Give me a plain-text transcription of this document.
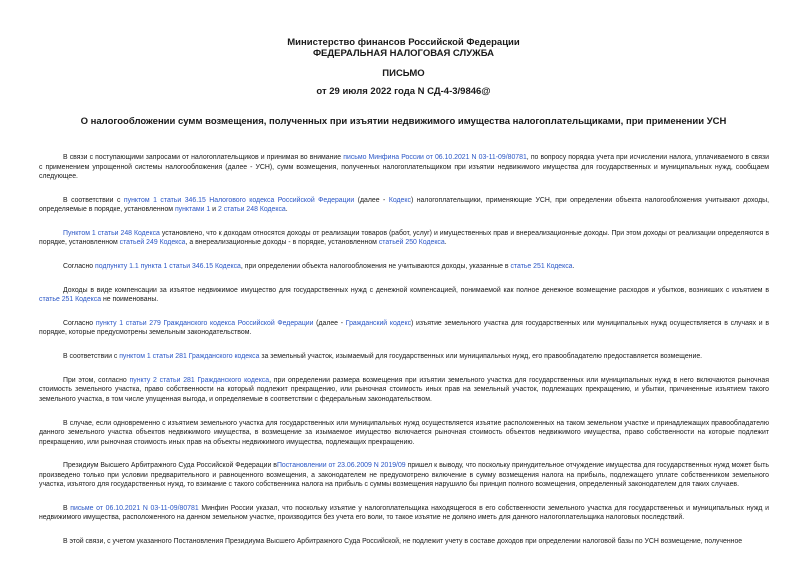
Министерство финансов Российской Федерации
ФЕДЕРАЛЬНАЯ НАЛОГОВАЯ СЛУЖБА
ПИСЬМО
от 29 июля 2022 года N СД-4-3/9846@
О налогообложении сумм возмещения, полученных при изъятии недвижимого имущества налогоплательщиками, при применении УСН

В связи с поступающими запросами от налогоплательщиков и принимая во внимание письмо Минфина России от 06.10.2021 N 03-11-09/80781, по вопросу порядка учета при исчислении налога, уплачиваемого в связи с применением упрощенной системы налогообложения (далее - УСН), сумм возмещения, полученных налогоплательщиком при изъятии недвижимого имущества для государственных и муниципальных нужд, сообщаем следующее.

В соответствии с пунктом 1 статьи 346.15 Налогового кодекса Российской Федерации (далее - Кодекс) налогоплательщики, применяющие УСН, при определении объекта налогообложения учитывают доходы, определяемые в порядке, установленном пунктами 1 и 2 статьи 248 Кодекса.

Пунктом 1 статьи 248 Кодекса установлено, что к доходам относятся доходы от реализации товаров (работ, услуг) и имущественных прав и внереализационные доходы. При этом доходы от реализации определяются в порядке, установленном статьей 249 Кодекса, а внереализационные доходы - в порядке, установленном статьей 250 Кодекса.

Согласно подпункту 1.1 пункта 1 статьи 346.15 Кодекса, при определении объекта налогообложения не учитываются доходы, указанные в статье 251 Кодекса.

Доходы в виде компенсации за изъятое недвижимое имущество для государственных нужд с денежной компенсацией, понимаемой как полное денежное возмещение расходов и убытков, возникших с изъятием в статье 251 Кодекса не поименованы.

Согласно пункту 1 статьи 279 Гражданского кодекса Российской Федерации (далее - Гражданский кодекс) изъятие земельного участка для государственных или муниципальных нужд осуществляется в случаях и в порядке, которые предусмотрены земельным законодательством.

В соответствии с пунктом 1 статьи 281 Гражданского кодекса за земельный участок, изымаемый для государственных или муниципальных нужд, его правообладателю предоставляется возмещение.

При этом, согласно пункту 2 статьи 281 Гражданского кодекса, при определении размера возмещения при изъятии земельного участка для государственных или муниципальных нужд в него включаются рыночная стоимость земельного участка, право собственности на который подлежит прекращению, или рыночная стоимость иных прав на земельный участок, подлежащих прекращению, и убытки, причиненные изъятием такого земельного участка, в том числе упущенная выгода, и определяемые в соответствии с федеральным законодательством.

В случае, если одновременно с изъятием земельного участка для государственных или муниципальных нужд осуществляется изъятие расположенных на таком земельном участке и принадлежащих правообладателю данного земельного участка объектов недвижимого имущества, в возмещение за изымаемое имущество включается рыночная стоимость объектов недвижимого имущества, право собственности на которые подлежит прекращению, или рыночная стоимость иных прав на объекты недвижимого имущества, подлежащих прекращению.

Президиум Высшего Арбитражного Суда Российской Федерации вПостановлении от 23.06.2009 N 2019/09 пришел к выводу, что поскольку принудительное отчуждение имущества для государственных нужд может быть произведено только при условии предварительного и равноценного возмещения, а законодателем не предусмотрено включение в сумму возмещения налога на прибыль, подлежащего уплате собственником земельного участка, изъятого для государственных нужд, то взимание с такого собственника налога на прибыль с суммы возмещения нарушило бы принцип полного возмещения, определенный законодателем для таких случаев.

В письме от 06.10.2021 N 03-11-09/80781 Минфин России указал, что поскольку изъятие у налогоплательщика находящегося в его собственности земельного участка для государственных и муниципальных нужд и недвижимого имущества, расположенного на данном земельном участке, производится без учета его воли, то такое изъятие не должно иметь для данного налогоплательщика налоговых последствий.

В этой связи, с учетом указанного Постановления Президиума Высшего Арбитражного Суда Российской, не подлежит учету в составе доходов при определении налоговой базы по УСН возмещение, полученное
